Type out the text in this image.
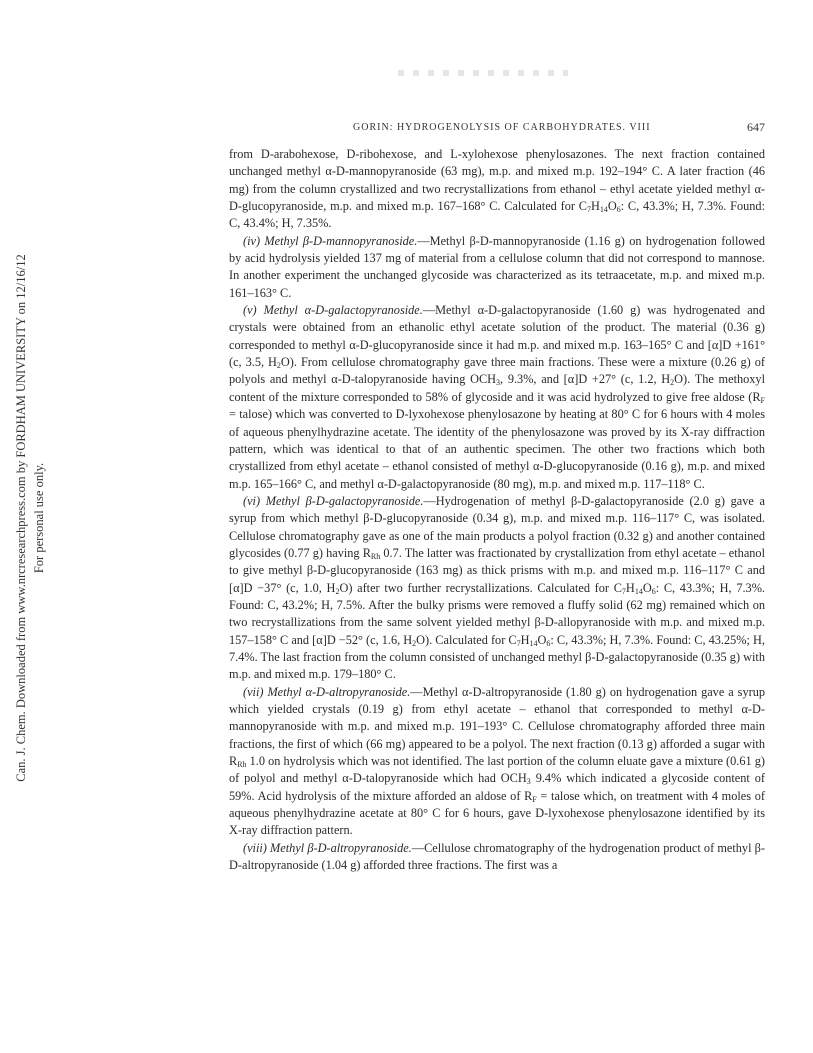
Can. J. Chem. Downloaded from www.nrcresearchpress.com by FORDHAM UNIVERSITY on 12/16/12 For personal use only.
GORIN: HYDROGENOLYSIS OF CARBOHYDRATES. VIII	647

from D-arabohexose, D-ribohexose, and L-xylohexose phenylosazones. The next fraction contained unchanged methyl α-D-mannopyranoside (63 mg), m.p. and mixed m.p. 192–194° C. A later fraction (46 mg) from the column crystallized and two recrystallizations from ethanol – ethyl acetate yielded methyl α-D-glucopyranoside, m.p. and mixed m.p. 167–168° C. Calculated for $C_7H_{14}O_6$: C, 43.3%; H, 7.3%. Found: C, 43.4%; H, 7.35%.

(iv) Methyl β-D-mannopyranoside.—Methyl β-D-mannopyranoside (1.16 g) on hydrogenation followed by acid hydrolysis yielded 137 mg of material from a cellulose column that did not correspond to mannose. In another experiment the unchanged glycoside was characterized as its tetraacetate, m.p. and mixed m.p. 161–163° C.

(v) Methyl α-D-galactopyranoside.—Methyl α-D-galactopyranoside (1.60 g) was hydrogenated and crystals were obtained from an ethanolic ethyl acetate solution of the product. The material (0.36 g) corresponded to methyl α-D-glucopyranoside since it had m.p. and mixed m.p. 163–165° C and [α]D +161° (c, 3.5, $H_2O$). From cellulose chromatography gave three main fractions. These were a mixture (0.26 g) of polyols and methyl α-D-talopyranoside having $OCH_3$, 9.3%, and [α]D +27° (c, 1.2, $H_2O$). The methoxyl content of the mixture corresponded to 58% of glycoside and it was acid hydrolyzed to give free aldose ($R_F$ = talose) which was converted to D-lyxohexose phenylosazone by heating at 80° C for 6 hours with 4 moles of aqueous phenylhydrazine acetate. The identity of the phenylosazone was proved by its X-ray diffraction pattern, which was identical to that of an authentic specimen. The other two fractions which both crystallized from ethyl acetate – ethanol consisted of methyl α-D-glucopyranoside (0.16 g), m.p. and mixed m.p. 165–166° C, and methyl α-D-galactopyranoside (80 mg), m.p. and mixed m.p. 117–118° C.

(vi) Methyl β-D-galactopyranoside.—Hydrogenation of methyl β-D-galactopyranoside (2.0 g) gave a syrup from which methyl β-D-glucopyranoside (0.34 g), m.p. and mixed m.p. 116–117° C, was isolated. Cellulose chromatography gave as one of the main products a polyol fraction (0.32 g) and another contained glycosides (0.77 g) having $R_{Rh}$ 0.7. The latter was fractionated by crystallization from ethyl acetate – ethanol to give methyl β-D-glucopyranoside (163 mg) as thick prisms with m.p. and mixed m.p. 116–117° C and [α]D −37° (c, 1.0, $H_2O$) after two further recrystallizations. Calculated for $C_7H_{14}O_6$: C, 43.3%; H, 7.3%. Found: C, 43.2%; H, 7.5%. After the bulky prisms were removed a fluffy solid (62 mg) remained which on two recrystallizations from the same solvent yielded methyl β-D-allopyranoside with m.p. and mixed m.p. 157–158° C and [α]D −52° (c, 1.6, $H_2O$). Calculated for $C_7H_{14}O_6$: C, 43.3%; H, 7.3%. Found: C, 43.25%; H, 7.4%. The last fraction from the column consisted of unchanged methyl β-D-galactopyranoside (0.35 g) with m.p. and mixed m.p. 179–180° C.

(vii) Methyl α-D-altropyranoside.—Methyl α-D-altropyranoside (1.80 g) on hydrogenation gave a syrup which yielded crystals (0.19 g) from ethyl acetate – ethanol that corresponded to methyl α-D-mannopyranoside with m.p. and mixed m.p. 191–193° C. Cellulose chromatography afforded three main fractions, the first of which (66 mg) appeared to be a polyol. The next fraction (0.13 g) afforded a sugar with $R_{Rh}$ 1.0 on hydrolysis which was not identified. The last portion of the column eluate gave a mixture (0.61 g) of polyol and methyl α-D-talopyranoside which had $OCH_3$ 9.4% which indicated a glycoside content of 59%. Acid hydrolysis of the mixture afforded an aldose of $R_F$ = talose which, on treatment with 4 moles of aqueous phenylhydrazine acetate at 80° C for 6 hours, gave D-lyxohexose phenylosazone identified by its X-ray diffraction pattern.

(viii) Methyl β-D-altropyranoside.—Cellulose chromatography of the hydrogenation product of methyl β-D-altropyranoside (1.04 g) afforded three fractions. The first was a
